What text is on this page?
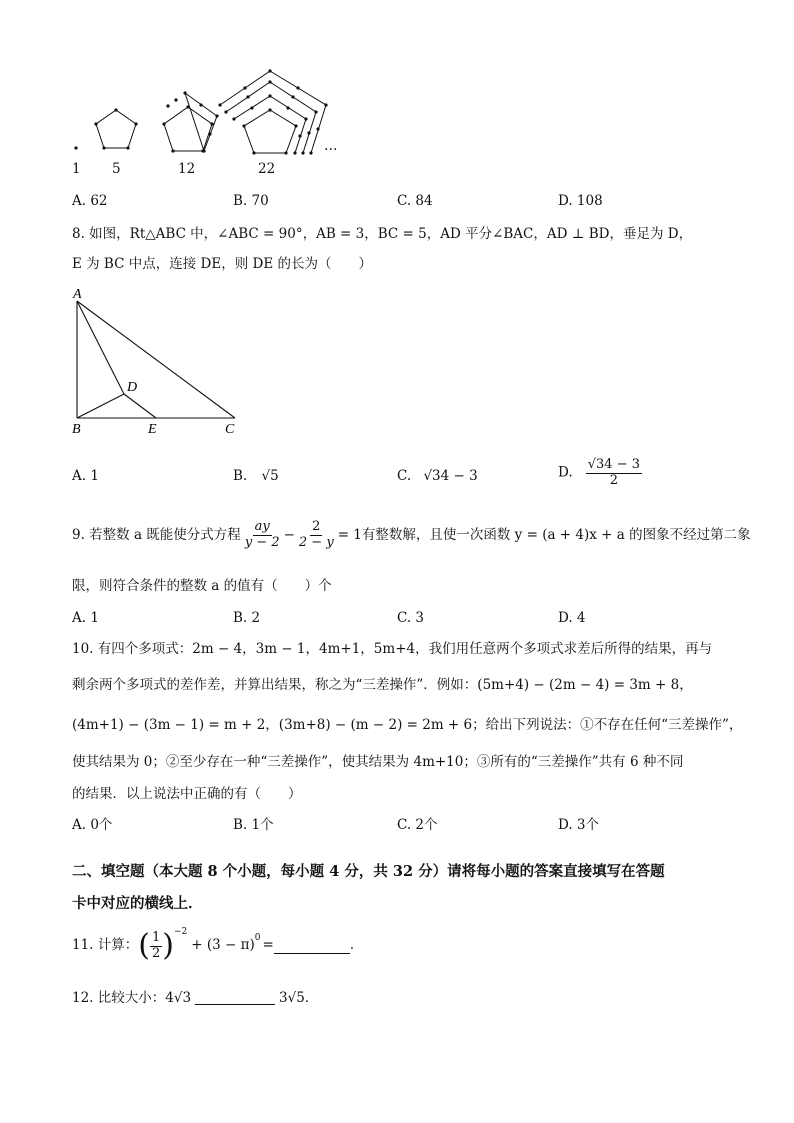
…
1 5	12	22
A. 62	B. 70	C. 84	D. 108
8. 如图，Rt△ABC 中，∠ABC = 90°，AB = 3，BC = 5，AD 平分∠BAC，AD ⊥ BD，垂足为 D，
E 为 BC 中点，连接 DE，则 DE 的长为（　　）
A
B	C
D
E
A. 1	B. √5	C. √34 − 3	D. $\frac{√34 - 3}{2}$
9. 若整数 a 既能使分式方程 $\frac{ay}{y - 2} - \frac{2}{2 - y} = 1$ 有整数解，且使一次函数 y = (a + 4)x + a 的图象不经过第二象
限，则符合条件的整数 a 的值有（　　）个
A. 1	B. 2	C. 3	D. 4
10. 有四个多项式：2m − 4，3m − 1，4m+1，5m+4，我们用任意两个多项式求差后所得的结果，再与
剩余两个多项式的差作差，并算出结果，称之为“三差操作”．例如：(5m+4) − (2m − 4) = 3m + 8，
(4m+1) − (3m − 1) = m + 2，(3m+8) − (m − 2) = 2m + 6；给出下列说法：①不存在任何“三差操作”，
使其结果为 0；②至少存在一种“三差操作”，使其结果为 4m+10；③所有的“三差操作”共有 6 种不同
的结果．以上说法中正确的有（　　）
A. 0个	B. 1个	C. 2个	D. 3个
二、填空题（本大题 8 个小题，每小题 4 分，共 32 分）请将每小题的答案直接填写在答题
卡中对应的横线上．
11. 计算： ( $\frac{1}{2} )^{-2}$
+ $(3 - \pi)^0$ =	．
12. 比较大小： 4√3	3√5 ．
